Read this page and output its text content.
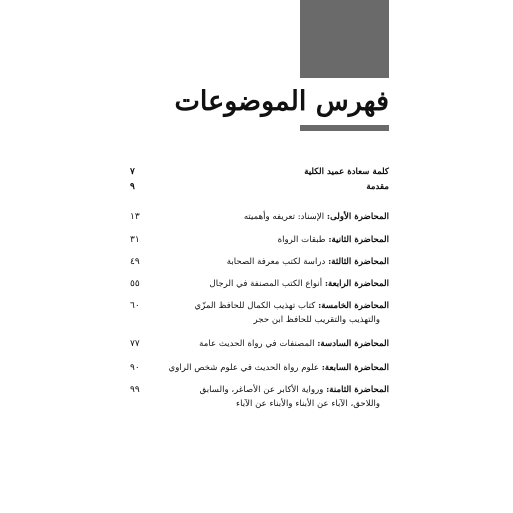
فهرس الموضوعات
كلمة سعادة عميد الكلية
٧
مقدمة
٩
المحاضرة الأولى: الإسناد: تعريفه وأهميته
١٣
المحاضرة الثانية: طبقات الرواة
٣١
المحاضرة الثالثة: دراسة لكتب معرفة الصحابة
٤٩
المحاضرة الرابعة: أنواع الكتب المصنفة في الرجال
٥٥
المحاضرة الخامسة: كتاب تهذيب الكمال للحافظ المزّي
والتهذيب والتقريب للحافظ ابن حجر
٦٠
المحاضرة السادسة: المصنفات في رواة الحديث عامة
٧٧
المحاضرة السابعة: علوم رواة الحديث في علوم شخص الراوي
٩٠
المحاضرة الثامنة: ورواية الأكابر عن الأصاغر، والسابق
واللاحق، الآباء عن الأبناء والأبناء عن الآباء
٩٩
